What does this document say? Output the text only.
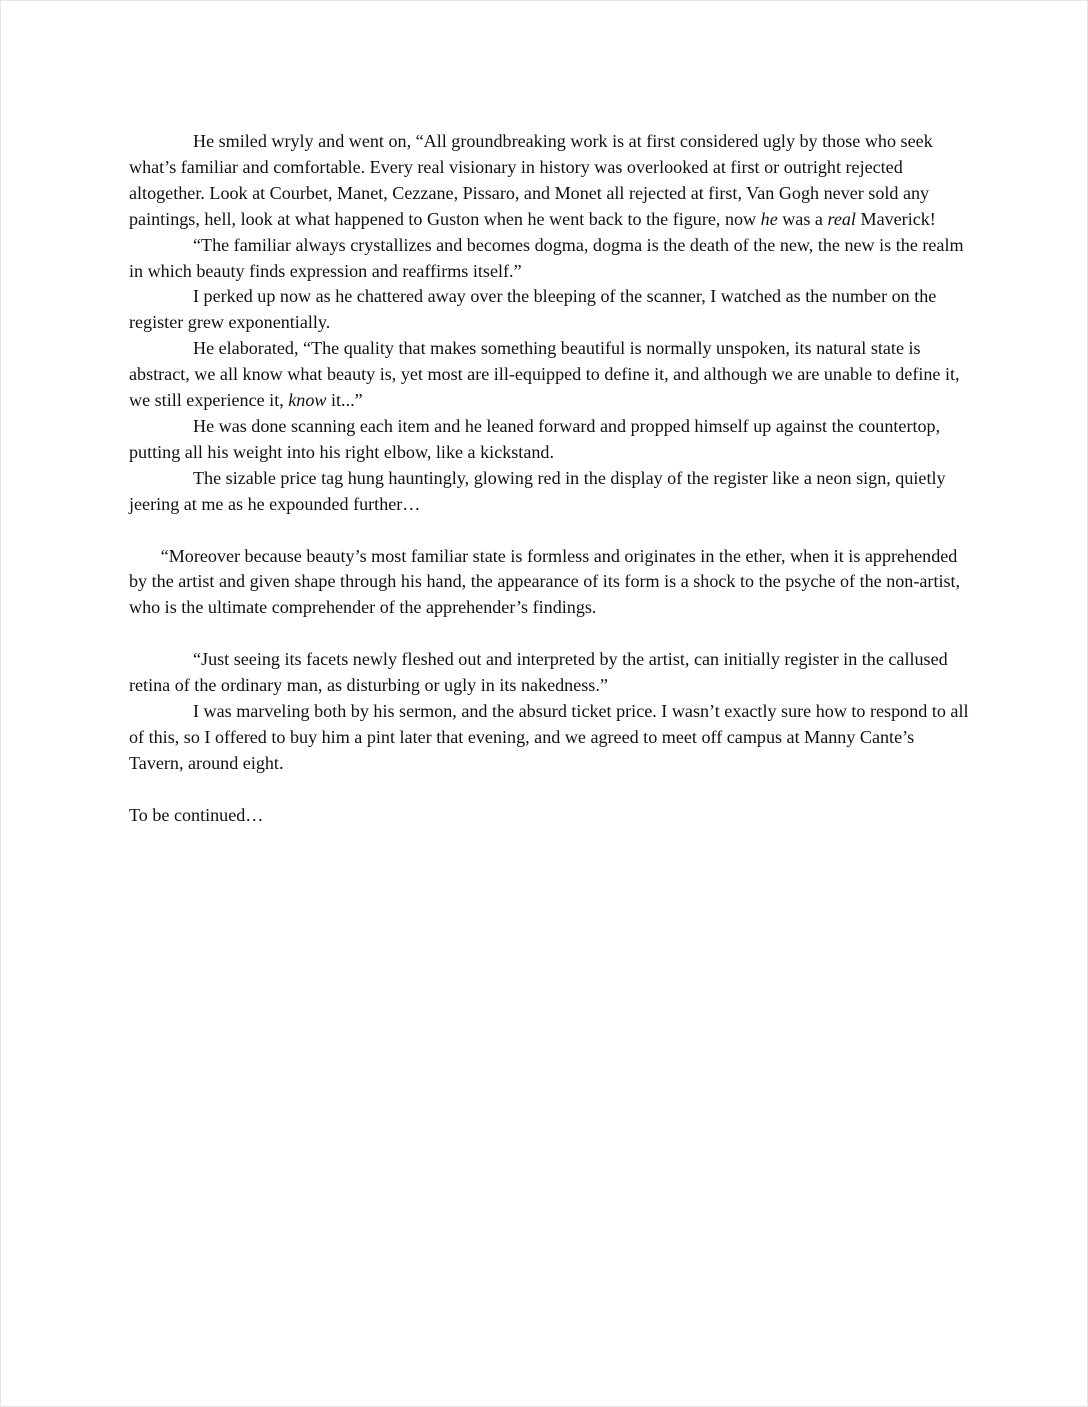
He smiled wryly and went on, “All groundbreaking work is at first considered ugly by those who seek what’s familiar and comfortable. Every real visionary in history was overlooked at first or outright rejected altogether. Look at Courbet, Manet, Cezzane, Pissaro, and Monet all rejected at first, Van Gogh never sold any paintings, hell, look at what happened to Guston when he went back to the figure, now he was a real Maverick!

“The familiar always crystallizes and becomes dogma, dogma is the death of the new, the new is the realm in which beauty finds expression and reaffirms itself.”

I perked up now as he chattered away over the bleeping of the scanner, I watched as the number on the register grew exponentially.

He elaborated, “The quality that makes something beautiful is normally unspoken, its natural state is abstract, we all know what beauty is, yet most are ill-equipped to define it, and although we are unable to define it, we still experience it, know it...”

He was done scanning each item and he leaned forward and propped himself up against the countertop, putting all his weight into his right elbow, like a kickstand.

The sizable price tag hung hauntingly, glowing red in the display of the register like a neon sign, quietly jeering at me as he expounded further…

“Moreover because beauty’s most familiar state is formless and originates in the ether, when it is apprehended by the artist and given shape through his hand, the appearance of its form is a shock to the psyche of the non-artist, who is the ultimate comprehender of the apprehender’s findings.

“Just seeing its facets newly fleshed out and interpreted by the artist, can initially register in the callused retina of the ordinary man, as disturbing or ugly in its nakedness.”

I was marveling both by his sermon, and the absurd ticket price. I wasn’t exactly sure how to respond to all of this, so I offered to buy him a pint later that evening, and we agreed to meet off campus at Manny Cante’s Tavern, around eight.

To be continued…
